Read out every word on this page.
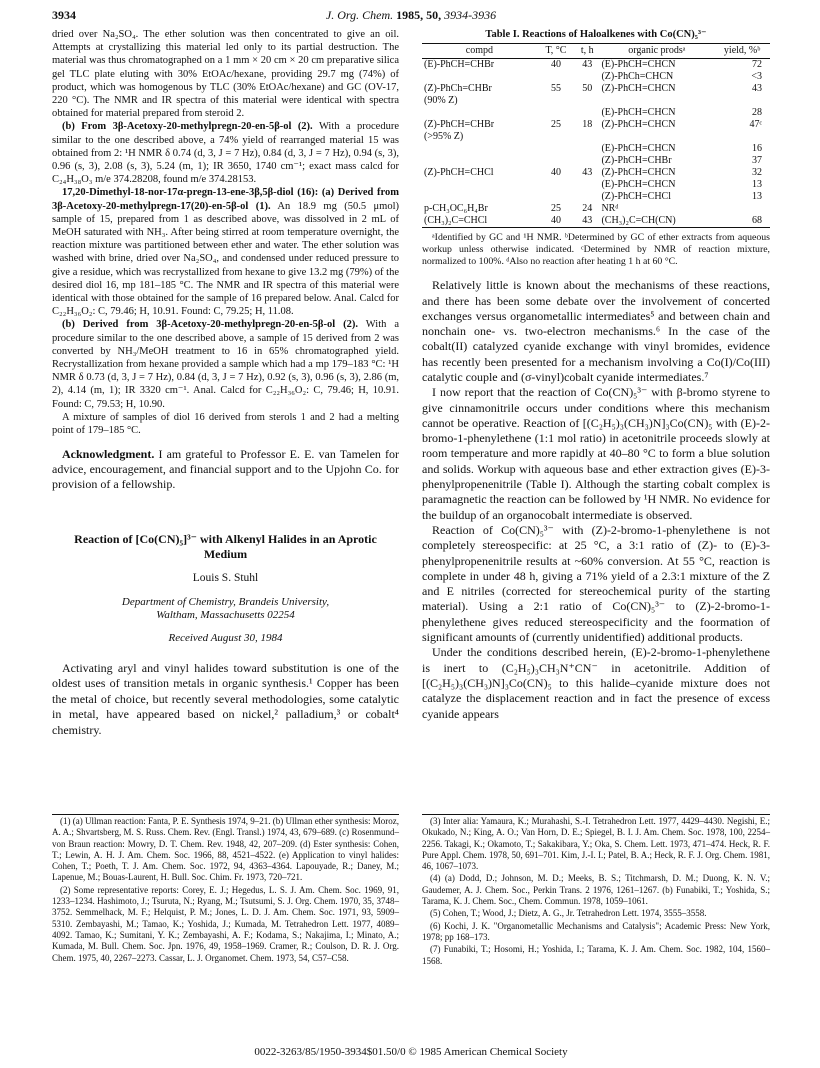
3934	J. Org. Chem. 1985, 50, 3934-3936

dried over Na₂SO₄. The ether solution was then concentrated to give an oil. Attempts at crystallizing this material led only to its partial destruction. The material was thus chromatographed on a 1 mm × 20 cm × 20 cm preparative silica gel TLC plate eluting with 30% EtOAc/hexane, providing 29.7 mg (74%) of product, which was homogenous by TLC (30% EtOAc/hexane) and GC (OV-17, 220 °C). The NMR and IR spectra of this material were identical with spectra obtained for material prepared from steroid 2.

(b) From 3β-Acetoxy-20-methylpregn-20-en-5β-ol (2). With a procedure similar to the one described above, a 74% yield of rearranged material 15 was obtained from 2: ¹H NMR δ 0.74 (d, 3, J = 7 Hz), 0.84 (d, 3, J = 7 Hz), 0.94 (s, 3), 0.96 (s, 3), 2.08 (s, 3), 5.24 (m, 1); IR 3650, 1740 cm⁻¹; exact mass calcd for C₂₄H₃₈O₃ m/e 374.28208, found m/e 374.28153.

17,20-Dimethyl-18-nor-17α-pregn-13-ene-3β,5β-diol (16): (a) Derived from 3β-Acetoxy-20-methylpregn-17(20)-en-5β-ol (1). An 18.9 mg (50.5 μmol) sample of 15, prepared from 1 as described above, was dissolved in 2 mL of MeOH saturated with NH₃. After being stirred at room temperature overnight, the reaction mixture was partitioned between ether and water. The ether solution was washed with brine, dried over Na₂SO₄, and condensed under reduced pressure to give a residue, which was recrystallized from hexane to give 13.2 mg (79%) of the desired diol 16, mp 181–185 °C. The NMR and IR spectra of this material were identical with those obtained for the sample of 16 prepared below. Anal. Calcd for C₂₂H₃₆O₂: C, 79.46; H, 10.91. Found: C, 79.25; H, 11.08.

(b) Derived from 3β-Acetoxy-20-methylpregn-20-en-5β-ol (2). With a procedure similar to the one described above, a sample of 15 derived from 2 was converted by NH₃/MeOH treatment to 16 in 65% chromatographed yield. Recrystallization from hexane provided a sample which had a mp 179–183 °C: ¹H NMR δ 0.73 (d, 3, J = 7 Hz), 0.84 (d, 3, J = 7 Hz), 0.92 (s, 3), 0.96 (s, 3), 2.86 (m, 2), 4.14 (m, 1); IR 3320 cm⁻¹. Anal. Calcd for C₂₂H₃₆O₂: C, 79.46; H, 10.91. Found: C, 79.53; H, 10.90.

A mixture of samples of diol 16 derived from sterols 1 and 2 had a melting point of 179–185 °C.

Acknowledgment. I am grateful to Professor E. E. van Tamelen for advice, encouragement, and financial support and to the Upjohn Co. for provision of a fellowship.
Reaction of [Co(CN)₅]³⁻ with Alkenyl Halides in an Aprotic Medium
Louis S. Stuhl
Department of Chemistry, Brandeis University,
Waltham, Massachusetts 02254
Received August 30, 1984

Activating aryl and vinyl halides toward substitution is one of the oldest uses of transition metals in organic synthesis.¹ Copper has been the metal of choice, but recently several methodologies, some catalytic in metal, have appeared based on nickel,² palladium,³ or cobalt⁴ chemistry.

Table I. Reactions of Haloalkenes with Co(CN)₅³⁻
compd	T, °C	t, h	organic prodsᵃ	yield, %ᵇ
(E)-PhCH=CHBr	40	43	(E)-PhCH=CHCN	72
			(Z)-PhCh=CHCN	<3
(Z)-PhCh=CHBr	55	50	(Z)-PhCH=CHCN	43
(90% Z)				
			(E)-PhCH=CHCN	28
(Z)-PhCH=CHBr	25	18	(Z)-PhCH=CHCN	47ᶜ
(>95% Z)				
			(E)-PhCH=CHCN	16
			(Z)-PhCH=CHBr	37
(Z)-PhCH=CHCl	40	43	(Z)-PhCH=CHCN	32
			(E)-PhCH=CHCN	13
			(Z)-PhCH=CHCl	13
p-CH₃OC₆H₄Br	25	24	NRᵈ	
(CH₃)₂C=CHCl	40	43	(CH₃)₂C=CH(CN)	68
ᵃIdentified by GC and ¹H NMR. ᵇDetermined by GC of ether extracts from aqueous workup unless otherwise indicated. ᶜDetermined by NMR of reaction mixture, normalized to 100%. ᵈAlso no reaction after heating 1 h at 60 °C.

Relatively little is known about the mechanisms of these reactions, and there has been some debate over the involvement of concerted exchanges versus organometallic intermediates⁵ and between chain and nonchain one- vs. two-electron mechanisms.⁶ In the case of the cobalt(II) catalyzed cyanide exchange with vinyl bromides, evidence has recently been presented for a mechanism involving a Co(I)/Co(III) catalytic couple and (σ-vinyl)cobalt cyanide intermediates.⁷

I now report that the reaction of Co(CN)₅³⁻ with β-bromo styrene to give cinnamonitrile occurs under conditions where this mechanism cannot be operative. Reaction of [(C₂H₅)₃(CH₃)N]₃Co(CN)₅ with (E)-2-bromo-1-phenylethene (1:1 mol ratio) in acetonitrile proceeds slowly at room temperature and more rapidly at 40–80 °C to form a blue solution and solids. Workup with aqueous base and ether extraction gives (E)-3-phenylpropenenitrile (Table I). Although the starting cobalt complex is paramagnetic the reaction can be followed by ¹H NMR. No evidence for the buildup of an organocobalt intermediate is observed.

Reaction of Co(CN)₅³⁻ with (Z)-2-bromo-1-phenylethene is not completely stereospecific: at 25 °C, a 3:1 ratio of (Z)- to (E)-3-phenylpropenenitrile results at ~60% conversion. At 55 °C, reaction is complete in under 48 h, giving a 71% yield of a 2.3:1 mixture of the Z and E nitriles (corrected for stereochemical purity of the starting material). Using a 2:1 ratio of Co(CN)₅³⁻ to (Z)-2-bromo-1-phenylethene gives reduced stereospecificity and the foormation of significant amounts of (currently unidentified) additional products.

Under the conditions described herein, (E)-2-bromo-1-phenylethene is inert to (C₂H₅)₃CH₃N⁺CN⁻ in acetonitrile. Addition of [(C₂H₅)₃(CH₃)N]₃Co(CN)₅ to this halide–cyanide mixture does not catalyze the displacement reaction and in fact the presence of excess cyanide appears

(1) (a) Ullman reaction: Fanta, P. E. Synthesis 1974, 9–21. (b) Ullman ether synthesis: Moroz, A. A.; Shvartsberg, M. S. Russ. Chem. Rev. (Engl. Transl.) 1974, 43, 679–689. (c) Rosenmund–von Braun reaction: Mowry, D. T. Chem. Rev. 1948, 42, 207–209. (d) Ester synthesis: Cohen, T.; Lewin, A. H. J. Am. Chem. Soc. 1966, 88, 4521–4522. (e) Application to vinyl halides: Cohen, T.; Poeth, T. J. Am. Chem. Soc. 1972, 94, 4363–4364. Lapouyade, R.; Daney, M.; Lapenue, M.; Bouas-Laurent, H. Bull. Soc. Chim. Fr. 1973, 720–721.
(2) Some representative reports: Corey, E. J.; Hegedus, L. S. J. Am. Chem. Soc. 1969, 91, 1233–1234. Hashimoto, J.; Tsuruta, N.; Ryang, M.; Tsutsumi, S. J. Org. Chem. 1970, 35, 3748–3752. Semmelhack, M. F.; Helquist, P. M.; Jones, L. D. J. Am. Chem. Soc. 1971, 93, 5909–5310. Zembayashi, M.; Tamao, K.; Yoshida, J.; Kumada, M. Tetrahedron Lett. 1977, 4089–4092. Tamao, K.; Sumitani, Y. K.; Zembayashi, A. F.; Kodama, S.; Nakajima, I.; Minato, A.; Kumada, M. Bull. Chem. Soc. Jpn. 1976, 49, 1958–1969. Cramer, R.; Coulson, D. R. J. Org. Chem. 1975, 40, 2267–2273. Cassar, L. J. Organomet. Chem. 1973, 54, C57–C58.
(3) Inter alia: Yamaura, K.; Murahashi, S.-I. Tetrahedron Lett. 1977, 4429–4430. Negishi, E.; Okukado, N.; King, A. O.; Van Horn, D. E.; Spiegel, B. I. J. Am. Chem. Soc. 1978, 100, 2254–2256. Takagi, K.; Okamoto, T.; Sakakibara, Y.; Oka, S. Chem. Lett. 1973, 471–474. Heck, R. F. Pure Appl. Chem. 1978, 50, 691–701. Kim, J.-I. I.; Patel, B. A.; Heck, R. F. J. Org. Chem. 1981, 46, 1067–1073.
(4) (a) Dodd, D.; Johnson, M. D.; Meeks, B. S.; Titchmarsh, D. M.; Duong, K. N. V.; Gaudemer, A. J. Chem. Soc., Perkin Trans. 2 1976, 1261–1267. (b) Funabiki, T.; Yoshida, S.; Tarama, K. J. Chem. Soc., Chem. Commun. 1978, 1059–1061.
(5) Cohen, T.; Wood, J.; Dietz, A. G., Jr. Tetrahedron Lett. 1974, 3555–3558.
(6) Kochi, J. K. "Organometallic Mechanisms and Catalysis"; Academic Press: New York, 1978; pp 168–173.
(7) Funabiki, T.; Hosomi, H.; Yoshida, I.; Tarama, K. J. Am. Chem. Soc. 1982, 104, 1560–1568.
0022-3263/85/1950-3934$01.50/0 © 1985 American Chemical Society
